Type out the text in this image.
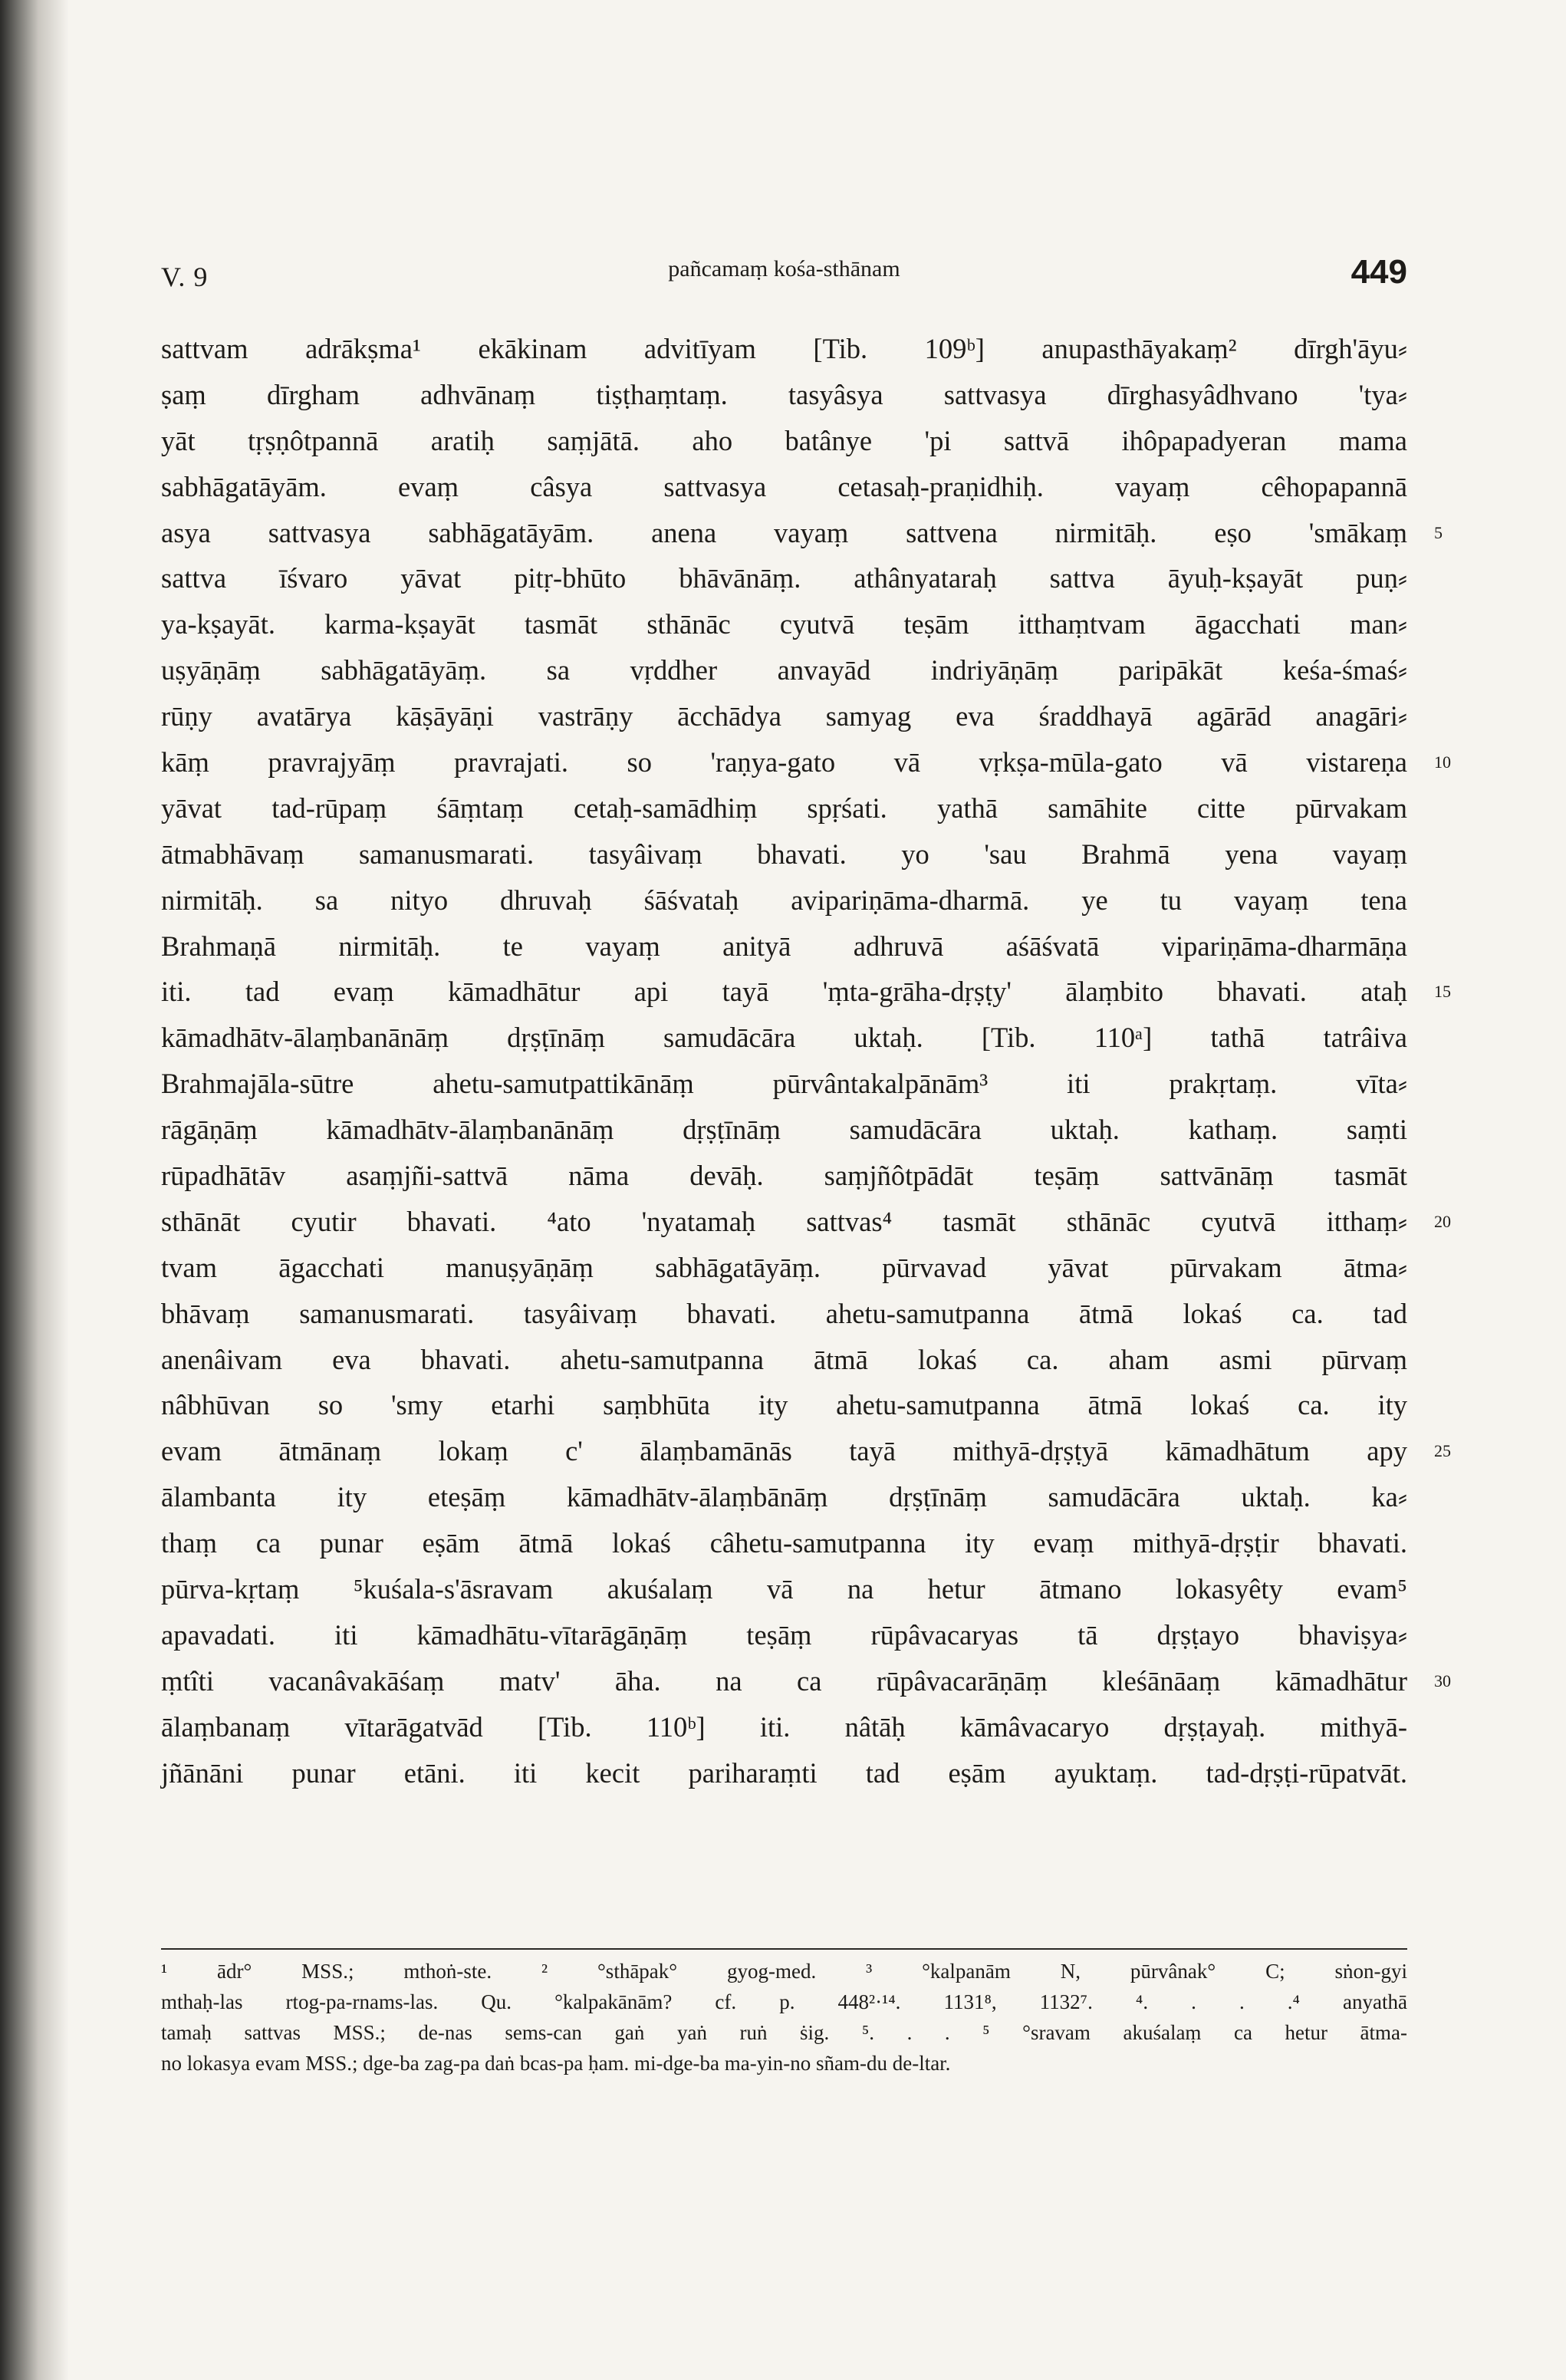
V. 9	pañcamaṃ kośa-sthānam	449
sattvam adrākṣma¹ ekākinam advitīyam [Tib. 109ᵇ] anupasthāyakaṃ² dīrgh'āyu⸗
ṣaṃ dīrgham adhvānaṃ tiṣṭhaṃtaṃ. tasyâsya sattvasya dīrghasyâdhvano 'tya⸗
yāt tṛṣṇôtpannā aratiḥ saṃjātā. aho batânye 'pi sattvā ihôpapadyeran mama
sabhāgatāyām. evaṃ câsya sattvasya cetasaḥ-praṇidhiḥ. vayaṃ cêhopapannā
asya sattvasya sabhāgatāyām. anena vayaṃ sattvena nirmitāḥ. eṣo 'smākaṃ 5
sattva īśvaro yāvat pitṛ-bhūto bhāvānāṃ. athânyataraḥ sattva āyuḥ-kṣayāt puṇ⸗
ya-kṣayāt. karma-kṣayāt tasmāt sthānāc cyutvā teṣām itthaṃtvam āgacchati man⸗
uṣyāṇāṃ sabhāgatāyāṃ. sa vṛddher anvayād indriyāṇāṃ paripākāt keśa-śmaś⸗
rūṇy avatārya kāṣāyāṇi vastrāṇy ācchādya samyag eva śraddhayā agārād anagāri⸗
kāṃ pravrajyāṃ pravrajati. so 'raṇya-gato vā vṛkṣa-mūla-gato vā vistareṇa 10
yāvat tad-rūpaṃ śāṃtaṃ cetaḥ-samādhiṃ spṛśati. yathā samāhite citte pūrvakam
ātmabhāvaṃ samanusmarati. tasyâivaṃ bhavati. yo 'sau Brahmā yena vayaṃ
nirmitāḥ. sa nityo dhruvaḥ śāśvataḥ avipariṇāma-dharmā. ye tu vayaṃ tena
Brahmaṇā nirmitāḥ. te vayaṃ anityā adhruvā aśāśvatā vipariṇāma-dharmāṇa
iti. tad evaṃ kāmadhātur api tayā 'ṃta-grāha-dṛṣṭy' ālaṃbito bhavati. ataḥ 15
kāmadhātv-ālaṃbanānāṃ dṛṣṭīnāṃ samudācāra uktaḥ. [Tib. 110ᵃ] tathā tatrâiva
Brahmajāla-sūtre ahetu-samutpattikānāṃ pūrvântakalpānām³ iti prakṛtaṃ. vīta⸗
rāgāṇāṃ kāmadhātv-ālaṃbanānāṃ dṛṣṭīnāṃ samudācāra uktaḥ. kathaṃ. saṃti
rūpadhātāv asaṃjñi-sattvā nāma devāḥ. saṃjñôtpādāt teṣāṃ sattvānāṃ tasmāt
sthānāt cyutir bhavati. ⁴ato 'nyatamaḥ sattvas⁴ tasmāt sthānāc cyutvā itthaṃ⸗ 20
tvam āgacchati manuṣyāṇāṃ sabhāgatāyāṃ. pūrvavad yāvat pūrvakam ātma⸗
bhāvaṃ samanusmarati. tasyâivaṃ bhavati. ahetu-samutpanna ātmā lokaś ca. tad
anenâivam eva bhavati. ahetu-samutpanna ātmā lokaś ca. aham asmi pūrvaṃ
nâbhūvan so 'smy etarhi saṃbhūta ity ahetu-samutpanna ātmā lokaś ca. ity
evam ātmānaṃ lokaṃ c' ālaṃbamānās tayā mithyā-dṛṣṭyā kāmadhātum apy 25
ālambanta ity eteṣāṃ kāmadhātv-ālaṃbānāṃ dṛṣṭīnāṃ samudācāra uktaḥ. ka⸗
thaṃ ca punar eṣām ātmā lokaś câhetu-samutpanna ity evaṃ mithyā-dṛṣṭir bhavati.
pūrva-kṛtaṃ ⁵kuśala-s'āsravam akuśalaṃ vā na hetur ātmano lokasyêty evam⁵
apavadati. iti kāmadhātu-vītarāgāṇāṃ teṣāṃ rūpâvacaryas tā dṛṣṭayo bhaviṣya⸗
ṃtîti vacanâvakāśaṃ matv' āha. na ca rūpâvacarāṇāṃ kleśānāaṃ kāmadhātur 30
ālaṃbanaṃ vītarāgatvād [Tib. 110ᵇ] iti. nâtāḥ kāmâvacaryo dṛṣṭayaḥ. mithyā-
jñānāni punar etāni. iti kecit pariharaṃti tad eṣām ayuktaṃ. tad-dṛṣṭi-rūpatvāt.
¹ ādr° MSS.; mthoṅ-ste. ² °sthāpak° gyog-med. ³ °kalpanām N, pūrvânak° C; sṅon-gyi
mthaḥ-las rtog-pa-rnams-las. Qu. °kalpakānām? cf. p. 448²·¹⁴. 1131⁸, 1132⁷. ⁴. . . .⁴ anyathā
tamaḥ sattvas MSS.; de-nas sems-can gaṅ yaṅ ruṅ ṡig. ⁵. . . ⁵ °sravam akuśalaṃ ca hetur ātma-
no lokasya evam MSS.; dge-ba zag-pa daṅ bcas-pa ḥam. mi-dge-ba ma-yin-no sñam-du de-ltar.
